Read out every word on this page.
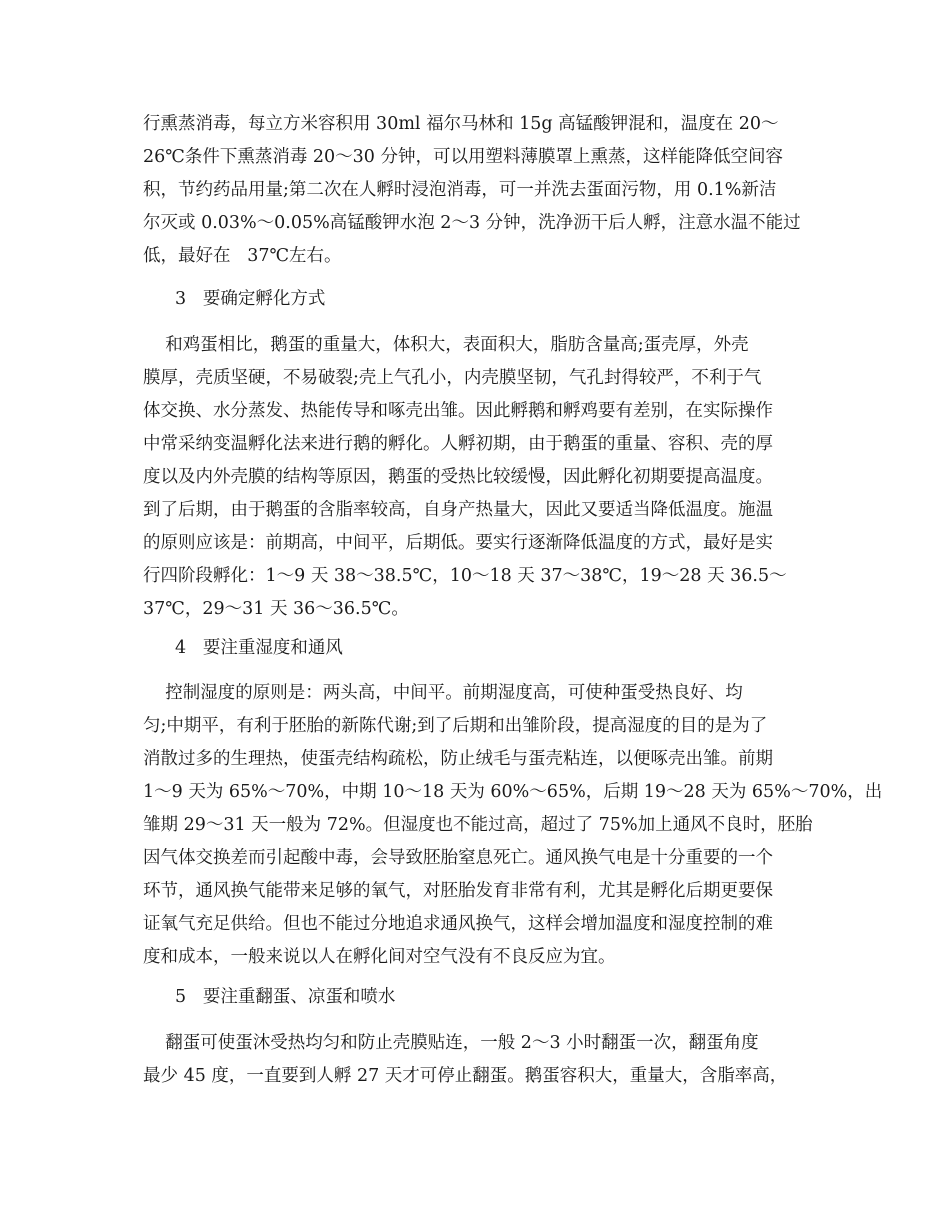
行熏蒸消毒，每立方米容积用 30ml 福尔马林和 15g 高锰酸钾混和，温度在 20～
26℃条件下熏蒸消毒 20～30 分钟，可以用塑料薄膜罩上熏蒸，这样能降低空间容
积，节约药品用量;第二次在人孵时浸泡消毒，可一并洗去蛋面污物，用 0.1%新洁
尔灭或 0.03%～0.05%高锰酸钾水泡 2～3 分钟，洗净沥干后人孵，注意水温不能过
低，最好在   37℃左右。
3   要确定孵化方式
和鸡蛋相比，鹅蛋的重量大，体积大，表面积大，脂肪含量高;蛋壳厚，外壳
膜厚，壳质坚硬，不易破裂;壳上气孔小，内壳膜坚韧，气孔封得较严，不利于气
体交换、水分蒸发、热能传导和啄壳出雏。因此孵鹅和孵鸡要有差别，在实际操作
中常采纳变温孵化法来进行鹅的孵化。人孵初期，由于鹅蛋的重量、容积、壳的厚
度以及内外壳膜的结构等原因，鹅蛋的受热比较缓慢，因此孵化初期要提高温度。
到了后期，由于鹅蛋的含脂率较高，自身产热量大，因此又要适当降低温度。施温
的原则应该是：前期高，中间平，后期低。要实行逐渐降低温度的方式，最好是实
行四阶段孵化：1～9 天 38～38.5℃，10～18 天 37～38℃，19～28 天 36.5～
37℃，29～31 天 36～36.5℃。
4   要注重湿度和通风
控制湿度的原则是：两头高，中间平。前期湿度高，可使种蛋受热良好、均
匀;中期平，有利于胚胎的新陈代谢;到了后期和出雏阶段，提高湿度的目的是为了
消散过多的生理热，使蛋壳结构疏松，防止绒毛与蛋壳粘连，以便啄壳出雏。前期
1～9 天为 65%～70%，中期 10～18 天为 60%～65%，后期 19～28 天为 65%～70%，出
雏期 29～31 天一般为 72%。但湿度也不能过高，超过了 75%加上通风不良时，胚胎
因气体交换差而引起酸中毒，会导致胚胎窒息死亡。通风换气电是十分重要的一个
环节，通风换气能带来足够的氧气，对胚胎发育非常有利，尤其是孵化后期更要保
证氧气充足供给。但也不能过分地追求通风换气，这样会增加温度和湿度控制的难
度和成本，一般来说以人在孵化间对空气没有不良反应为宜。
5   要注重翻蛋、凉蛋和喷水
翻蛋可使蛋沐受热均匀和防止壳膜贴连，一般 2～3 小时翻蛋一次，翻蛋角度
最少 45 度，一直要到人孵 27 天才可停止翻蛋。鹅蛋容积大，重量大，含脂率高，
